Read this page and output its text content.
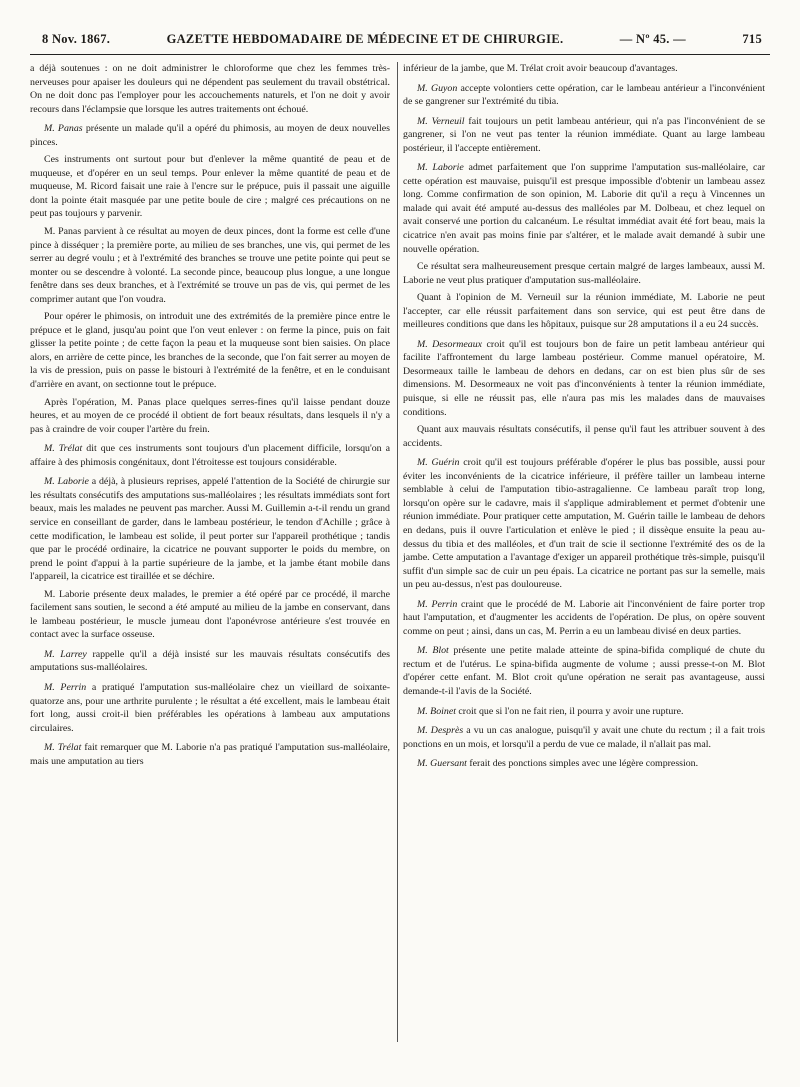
8 Nov. 1867.	GAZETTE HEBDOMADAIRE DE MÉDECINE ET DE CHIRURGIE.	— Nº 45. —	715

a déjà soutenues : on ne doit administrer le chloroforme que chez les femmes très-nerveuses pour apaiser les douleurs qui ne dépendent pas seulement du travail obstétrical. On ne doit donc pas l'employer pour les accouchements naturels, et l'on ne doit y avoir recours dans l'éclampsie que lorsque les autres traitements ont échoué.

M. Panas présente un malade qu'il a opéré du phimosis, au moyen de deux nouvelles pinces.

Ces instruments ont surtout pour but d'enlever la même quantité de peau et de muqueuse, et d'opérer en un seul temps. Pour enlever la même quantité de peau et de muqueuse, M. Ricord faisait une raie à l'encre sur le prépuce, puis il passait une aiguille dont la pointe était masquée par une petite boule de cire ; malgré ces précautions on ne peut pas toujours y parvenir.

M. Panas parvient à ce résultat au moyen de deux pinces, dont la forme est celle d'une pince à disséquer ; la première porte, au milieu de ses branches, une vis, qui permet de les serrer au degré voulu ; et à l'extrémité des branches se trouve une petite pointe qui peut se monter ou se descendre à volonté. La seconde pince, beaucoup plus longue, a une longue fenêtre dans ses deux branches, et à l'extrémité se trouve un pas de vis, qui permet de les comprimer autant que l'on voudra.

Pour opérer le phimosis, on introduit une des extrémités de la première pince entre le prépuce et le gland, jusqu'au point que l'on veut enlever : on ferme la pince, puis on fait glisser la petite pointe ; de cette façon la peau et la muqueuse sont bien saisies. On place alors, en arrière de cette pince, les branches de la seconde, que l'on fait serrer au moyen de la vis de pression, puis on passe le bistouri à l'extrémité de la fenêtre, et en le conduisant d'arrière en avant, on sectionne tout le prépuce.

Après l'opération, M. Panas place quelques serres-fines qu'il laisse pendant douze heures, et au moyen de ce procédé il obtient de fort beaux résultats, dans lesquels il n'y a pas à craindre de voir couper l'artère du frein.

M. Trélat dit que ces instruments sont toujours d'un placement difficile, lorsqu'on a affaire à des phimosis congénitaux, dont l'étroitesse est toujours considérable.

M. Laborie a déjà, à plusieurs reprises, appelé l'attention de la Société de chirurgie sur les résultats consécutifs des amputations sus-malléolaires ; les résultats immédiats sont fort beaux, mais les malades ne peuvent pas marcher. Aussi M. Guillemin a-t-il rendu un grand service en conseillant de garder, dans le lambeau postérieur, le tendon d'Achille ; grâce à cette modification, le lambeau est solide, il peut porter sur l'appareil prothétique ; tandis que par le procédé ordinaire, la cicatrice ne pouvant supporter le poids du membre, on prend le point d'appui à la partie supérieure de la jambe, et la jambe étant mobile dans l'appareil, la cicatrice est tiraillée et se déchire.

M. Laborie présente deux malades, le premier a été opéré par ce procédé, il marche facilement sans soutien, le second a été amputé au milieu de la jambe en conservant, dans le lambeau postérieur, le muscle jumeau dont l'aponévrose antérieure s'est trouvée en contact avec la surface osseuse.

M. Larrey rappelle qu'il a déjà insisté sur les mauvais résultats consécutifs des amputations sus-malléolaires.

M. Perrin a pratiqué l'amputation sus-malléolaire chez un vieillard de soixante-quatorze ans, pour une arthrite purulente ; le résultat a été excellent, mais le lambeau était fort long, aussi croit-il bien préférables les opérations à lambeau aux amputations circulaires.

M. Trélat fait remarquer que M. Laborie n'a pas pratiqué l'amputation sus-malléolaire, mais une amputation au tiers

inférieur de la jambe, que M. Trélat croit avoir beaucoup d'avantages.

M. Guyon accepte volontiers cette opération, car le lambeau antérieur a l'inconvénient de se gangrener sur l'extrémité du tibia.

M. Verneuil fait toujours un petit lambeau antérieur, qui n'a pas l'inconvénient de se gangrener, si l'on ne veut pas tenter la réunion immédiate. Quant au large lambeau postérieur, il l'accepte entièrement.

M. Laborie admet parfaitement que l'on supprime l'amputation sus-malléolaire, car cette opération est mauvaise, puisqu'il est presque impossible d'obtenir un lambeau assez long. Comme confirmation de son opinion, M. Laborie dit qu'il a reçu à Vincennes un malade qui avait été amputé au-dessus des malléoles par M. Dolbeau, et chez lequel on avait conservé une portion du calcanéum. Le résultat immédiat avait été fort beau, mais la cicatrice n'en avait pas moins finie par s'altérer, et le malade avait demandé à subir une nouvelle opération.

Ce résultat sera malheureusement presque certain malgré de larges lambeaux, aussi M. Laborie ne veut plus pratiquer d'amputation sus-malléolaire.

Quant à l'opinion de M. Verneuil sur la réunion immédiate, M. Laborie ne peut l'accepter, car elle réussit parfaitement dans son service, qui est peut être dans de meilleures conditions que dans les hôpitaux, puisque sur 28 amputations il a eu 24 succès.

M. Desormeaux croit qu'il est toujours bon de faire un petit lambeau antérieur qui facilite l'affrontement du large lambeau postérieur. Comme manuel opératoire, M. Desormeaux taille le lambeau de dehors en dedans, car on est bien plus sûr de ses dimensions. M. Desormeaux ne voit pas d'inconvénients à tenter la réunion immédiate, puisque, si elle ne réussit pas, elle n'aura pas mis les malades dans de mauvaises conditions.

Quant aux mauvais résultats consécutifs, il pense qu'il faut les attribuer souvent à des accidents.

M. Guérin croit qu'il est toujours préférable d'opérer le plus bas possible, aussi pour éviter les inconvénients de la cicatrice inférieure, il préfère tailler un lambeau interne semblable à celui de l'amputation tibio-astragalienne. Ce lambeau paraît trop long, lorsqu'on opère sur le cadavre, mais il s'applique admirablement et permet d'obtenir une réunion immédiate. Pour pratiquer cette amputation, M. Guérin taille le lambeau de dehors en dedans, puis il ouvre l'articulation et enlève le pied ; il dissèque ensuite la peau au-dessus du tibia et des malléoles, et d'un trait de scie il sectionne l'extrémité des os de la jambe. Cette amputation a l'avantage d'exiger un appareil prothétique très-simple, puisqu'il suffit d'un simple sac de cuir un peu épais. La cicatrice ne portant pas sur la semelle, mais un peu au-dessus, n'est pas douloureuse.

M. Perrin craint que le procédé de M. Laborie ait l'inconvénient de faire porter trop haut l'amputation, et d'augmenter les accidents de l'opération. De plus, on opère souvent comme on peut ; ainsi, dans un cas, M. Perrin a eu un lambeau divisé en deux parties.

M. Blot présente une petite malade atteinte de spina-bifida compliqué de chute du rectum et de l'utérus. Le spina-bifida augmente de volume ; aussi presse-t-on M. Blot d'opérer cette enfant. M. Blot croit qu'une opération ne serait pas avantageuse, aussi demande-t-il l'avis de la Société.

M. Boinet croit que si l'on ne fait rien, il pourra y avoir une rupture.

M. Desprès a vu un cas analogue, puisqu'il y avait une chute du rectum ; il a fait trois ponctions en un mois, et lorsqu'il a perdu de vue ce malade, il n'allait pas mal.

M. Guersant ferait des ponctions simples avec une légère compression.
